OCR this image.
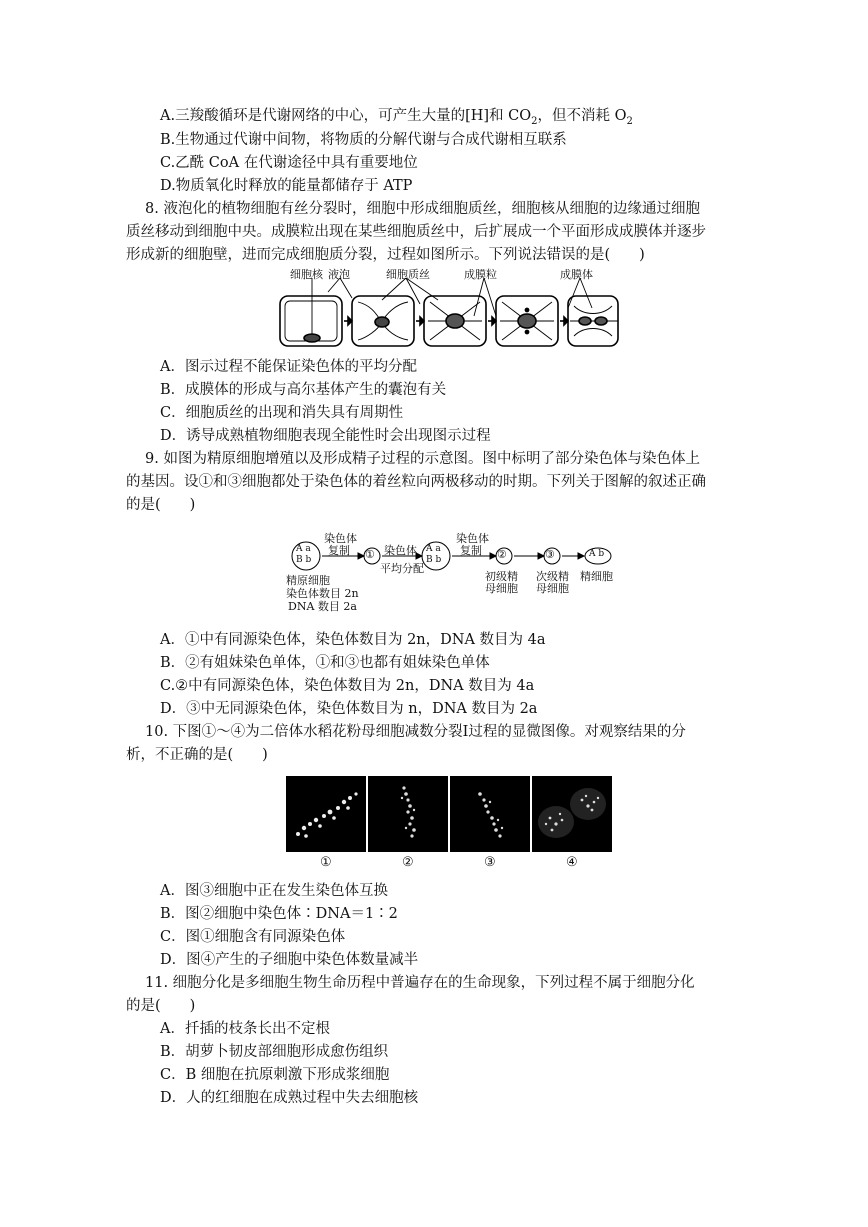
A.三羧酸循环是代谢网络的中心，可产生大量的[H]和 $CO_2$，但不消耗 $O_2$
B.生物通过代谢中间物，将物质的分解代谢与合成代谢相互联系
C.乙酰 CoA 在代谢途径中具有重要地位
D.物质氧化时释放的能量都储存于 ATP
8. 液泡化的植物细胞有丝分裂时，细胞中形成细胞质丝，细胞核从细胞的边缘通过细胞
质丝移动到细胞中央。成膜粒出现在某些细胞质丝中，后扩展成一个平面形成成膜体并逐步
形成新的细胞壁，进而完成细胞质分裂，过程如图所示。下列说法错误的是(　　)
细胞核 液泡	细胞质丝	成膜粒	成膜体
A．图示过程不能保证染色体的平均分配
B．成膜体的形成与高尔基体产生的囊泡有关
C．细胞质丝的出现和消失具有周期性
D．诱导成熟植物细胞表现全能性时会出现图示过程
9. 如图为精原细胞增殖以及形成精子过程的示意图。图中标明了部分染色体与染色体上
的基因。设①和③细胞都处于染色体的着丝粒向两极移动的时期。下列关于图解的叙述正确
的是(　　)
A a
B b
A a
B b
A b
①	②	③
染色体
复制	染色体
平均分配
染色体
复制
精原细胞
染色体数目 2n
DNA 数目 2a
初级精
母细胞
次级精
母细胞
精细胞
A．①中有同源染色体，染色体数目为 2n，DNA 数目为 4a
B．②有姐妹染色单体，①和③也都有姐妹染色单体
C.②中有同源染色体，染色体数目为 2n，DNA 数目为 4a
D．③中无同源染色体，染色体数目为 n，DNA 数目为 2a
10. 下图①～④为二倍体水稻花粉母细胞减数分裂Ⅰ过程的显微图像。对观察结果的分
析，不正确的是(　　)
①	②	③	④
A．图③细胞中正在发生染色体互换
B．图②细胞中染色体∶DNA＝1∶2
C．图①细胞含有同源染色体
D．图④产生的子细胞中染色体数量减半
11. 细胞分化是多细胞生物生命历程中普遍存在的生命现象，下列过程不属于细胞分化
的是(　　)
A．扦插的枝条长出不定根
B．胡萝卜韧皮部细胞形成愈伤组织
C．B 细胞在抗原刺激下形成浆细胞
D．人的红细胞在成熟过程中失去细胞核
